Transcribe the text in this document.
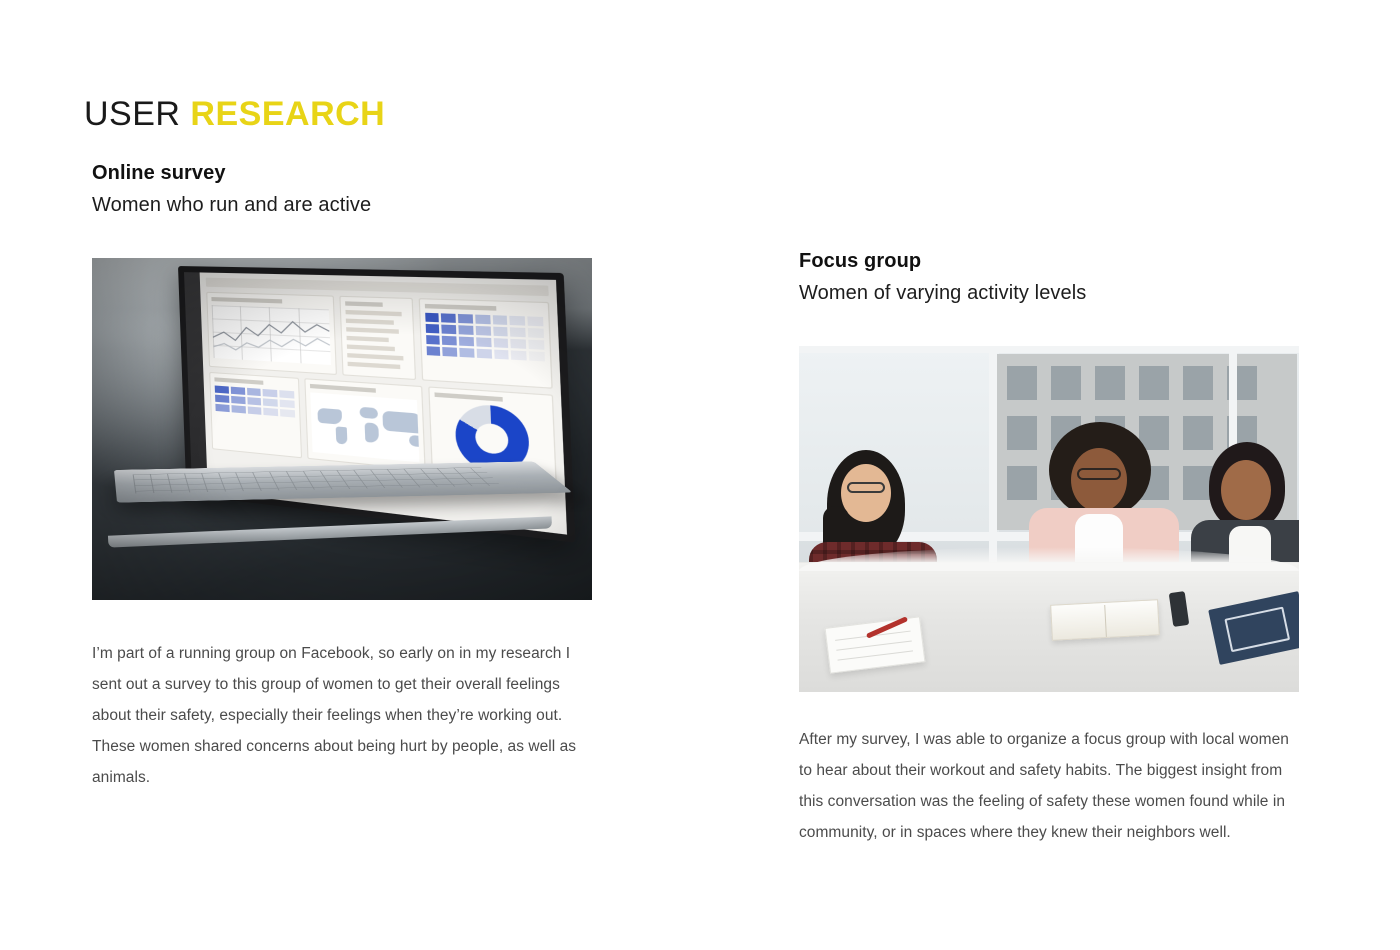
USER RESEARCH
Online survey

Women who run and are active

I’m part of a running group on Facebook, so early on in my research I sent out a survey to this group of women to get their overall feelings about their safety, especially their feelings when they’re working out. These women shared concerns about being hurt by people, as well as animals.

Focus group

Women of varying activity levels

After my survey, I was able to organize a focus group with local women to hear about their workout and safety habits. The biggest insight from this conversation was the feeling of safety these women found while in community, or in spaces where they knew their neighbors well.
